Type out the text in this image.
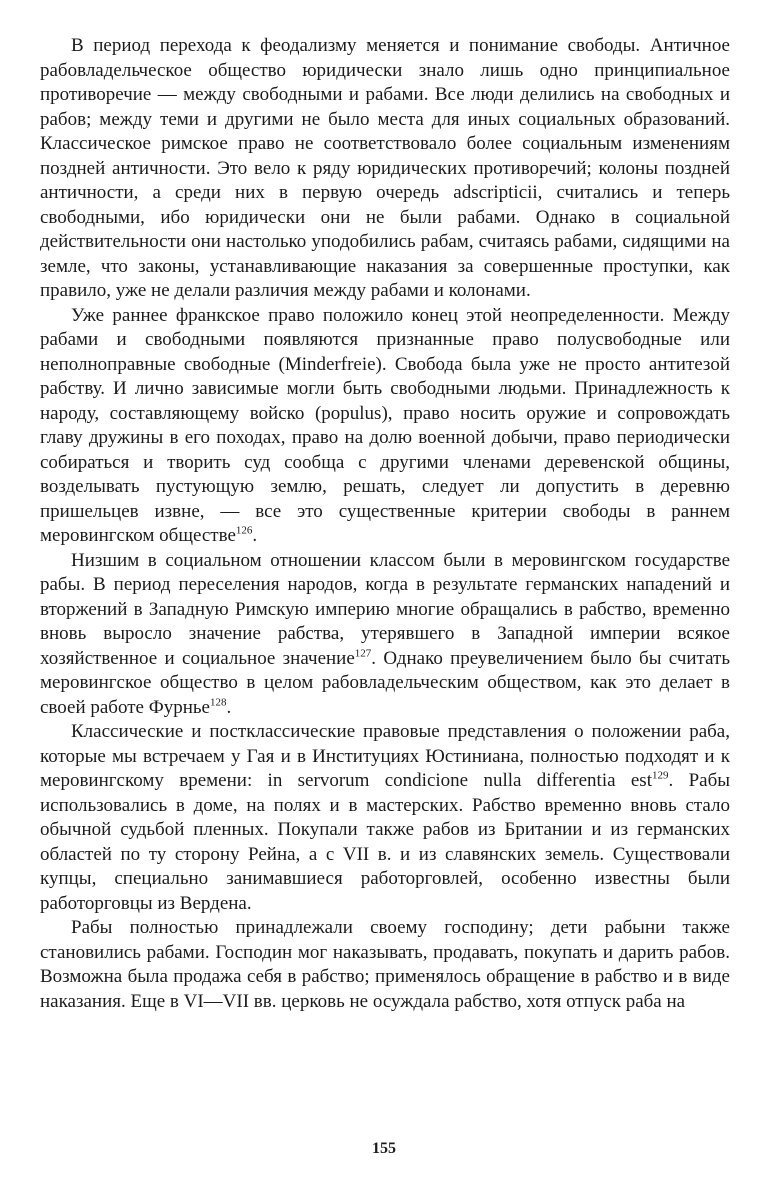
В период перехода к феодализму меняется и понимание свободы. Античное рабовладельческое общество юридически знало лишь одно принципиальное противоречие — между свободными и рабами. Все люди делились на свободных и рабов; между теми и другими не было места для иных социальных образований. Классическое римское право не соответствовало более социальным изменениям поздней античности. Это вело к ряду юридических противоречий; колоны поздней античности, а среди них в первую очередь adscripticii, считались и теперь свободными, ибо юридически они не были рабами. Однако в социальной действительности они настолько уподобились рабам, считаясь рабами, сидящими на земле, что законы, устанавливающие наказания за совершенные проступки, как правило, уже не делали различия между рабами и колонами.

Уже раннее франкское право положило конец этой неопределенности. Между рабами и свободными появляются признанные право полусвободные или неполноправные свободные (Minderfreie). Свобода была уже не просто антитезой рабству. И лично зависимые могли быть свободными людьми. Принадлежность к народу, составляющему войско (populus), право носить оружие и сопровождать главу дружины в его походах, право на долю военной добычи, право периодически собираться и творить суд сообща с другими членами деревенской общины, возделывать пустующую землю, решать, следует ли допустить в деревню пришельцев извне, — все это существенные критерии свободы в раннем меровингском обществе$^{126}$.

Низшим в социальном отношении классом были в меровингском государстве рабы. В период переселения народов, когда в результате германских нападений и вторжений в Западную Римскую империю многие обращались в рабство, временно вновь выросло значение рабства, утерявшего в Западной империи всякое хозяйственное и социальное значение$^{127}$. Однако преувеличением было бы считать меровингское общество в целом рабовладельческим обществом, как это делает в своей работе Фурнье$^{128}$.

Классические и постклассические правовые представления о положении раба, которые мы встречаем у Гая и в Институциях Юстиниана, полностью подходят и к меровингскому времени: in servorum condicione nulla differentia est$^{129}$. Рабы использовались в доме, на полях и в мастерских. Рабство временно вновь стало обычной судьбой пленных. Покупали также рабов из Британии и из германских областей по ту сторону Рейна, а с VII в. и из славянских земель. Существовали купцы, специально занимавшиеся работорговлей, особенно известны были работорговцы из Вердена.

Рабы полностью принадлежали своему господину; дети рабыни также становились рабами. Господин мог наказывать, продавать, покупать и дарить рабов. Возможна была продажа себя в рабство; применялось обращение в рабство и в виде наказания. Еще в VI—VII вв. церковь не осуждала рабство, хотя отпуск раба на

155
